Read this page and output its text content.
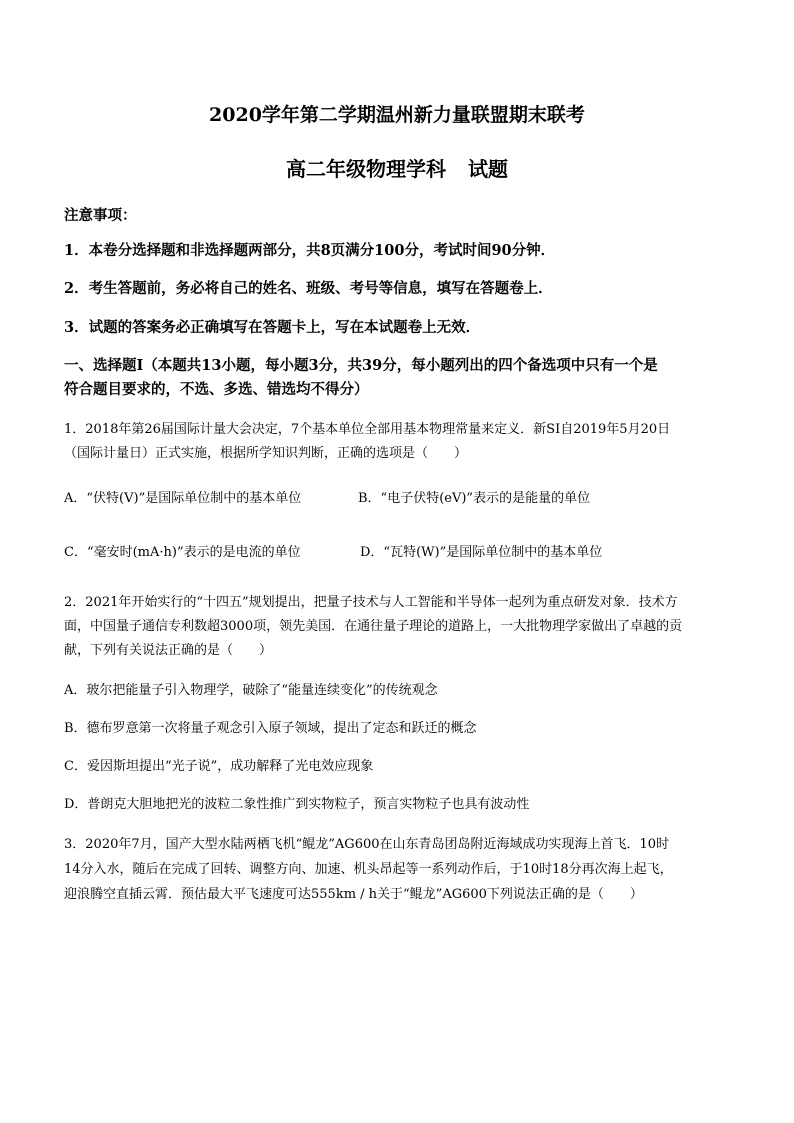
2020学年第二学期温州新力量联盟期末联考
高二年级物理学科 试题
注意事项：
1．本卷分选择题和非选择题两部分，共8页满分100分，考试时间90分钟．
2．考生答题前，务必将自己的姓名、班级、考号等信息，填写在答题卷上．
3．试题的答案务必正确填写在答题卡上，写在本试题卷上无效．
一、选择题Ⅰ（本题共13小题，每小题3分，共39分，每小题列出的四个备选项中只有一个是
符合题目要求的，不选、多选、错选均不得分）
1．2018年第26届国际计量大会决定，7个基本单位全部用基本物理常量来定义．新SI自2019年5月20日
（国际计量日）正式实施，根据所学知识判断，正确的选项是（　　）
A．“伏特(V)”是国际单位制中的基本单位	B．“电子伏特(eV)”表示的是能量的单位
C．“毫安时(mA·h)”表示的是电流的单位	D．“瓦特(W)”是国际单位制中的基本单位
2．2021年开始实行的“十四五”规划提出，把量子技术与人工智能和半导体一起列为重点研发对象．技术方
面，中国量子通信专利数超3000项，领先美国．在通往量子理论的道路上，一大批物理学家做出了卓越的贡
献，下列有关说法正确的是（　　）
A．玻尔把能量子引入物理学，破除了“能量连续变化”的传统观念
B．德布罗意第一次将量子观念引入原子领域，提出了定态和跃迁的概念
C．爱因斯坦提出“光子说”，成功解释了光电效应现象
D．普朗克大胆地把光的波粒二象性推广到实物粒子，预言实物粒子也具有波动性
3．2020年7月，国产大型水陆两栖飞机“鲲龙”AG600在山东青岛团岛附近海域成功实现海上首飞．10时
14分入水，随后在完成了回转、调整方向、加速、机头昂起等一系列动作后，于10时18分再次海上起飞，
迎浪腾空直插云霄．预估最大平飞速度可达555km / h关于“鲲龙”AG600下列说法正确的是（　　）
